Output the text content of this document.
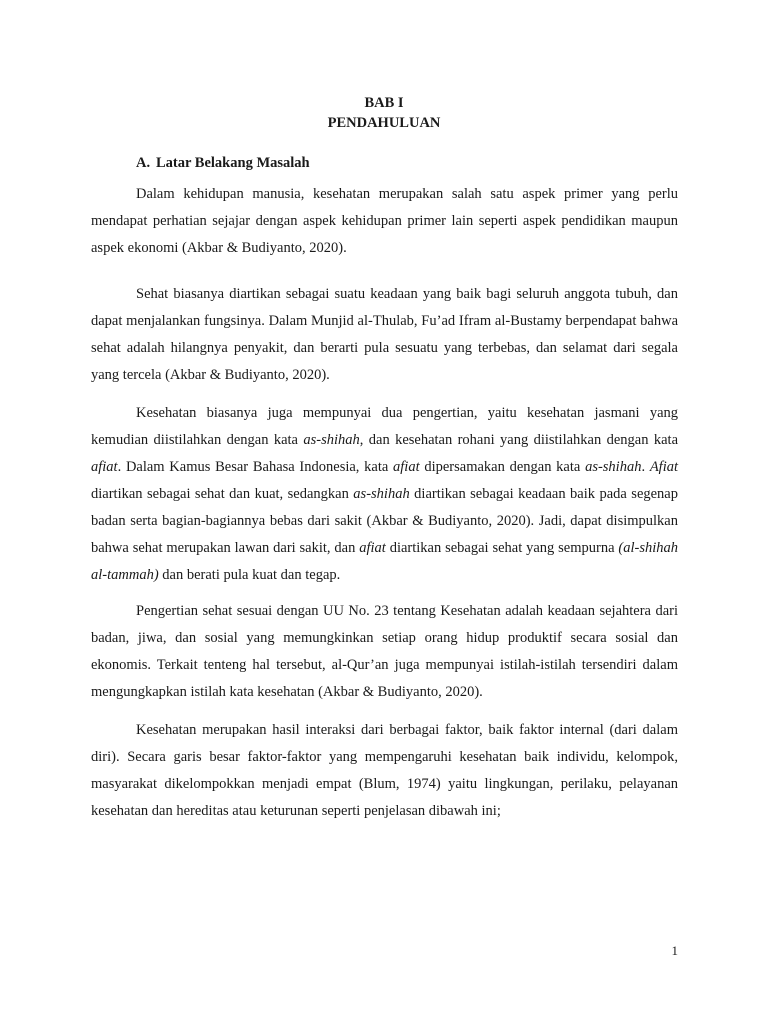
BAB I
PENDAHULUAN
A. Latar Belakang Masalah

Dalam kehidupan manusia, kesehatan merupakan salah satu aspek primer yang perlu mendapat perhatian sejajar dengan aspek kehidupan primer lain seperti aspek pendidikan maupun aspek ekonomi (Akbar & Budiyanto, 2020).

Sehat biasanya diartikan sebagai suatu keadaan yang baik bagi seluruh anggota tubuh, dan dapat menjalankan fungsinya. Dalam Munjid al-Thulab, Fu’ad Ifram al-Bustamy berpendapat bahwa sehat adalah hilangnya penyakit, dan berarti pula sesuatu yang terbebas, dan selamat dari segala yang tercela (Akbar & Budiyanto, 2020).

Kesehatan biasanya juga mempunyai dua pengertian, yaitu kesehatan jasmani yang kemudian diistilahkan dengan kata as-shihah, dan kesehatan rohani yang diistilahkan dengan kata afiat. Dalam Kamus Besar Bahasa Indonesia, kata afiat dipersamakan dengan kata as-shihah. Afiat diartikan sebagai sehat dan kuat, sedangkan as-shihah diartikan sebagai keadaan baik pada segenap badan serta bagian-bagiannya bebas dari sakit (Akbar & Budiyanto, 2020). Jadi, dapat disimpulkan bahwa sehat merupakan lawan dari sakit, dan afiat diartikan sebagai sehat yang sempurna (al-shihah al-tammah) dan berati pula kuat dan tegap.

Pengertian sehat sesuai dengan UU No. 23 tentang Kesehatan adalah keadaan sejahtera dari badan, jiwa, dan sosial yang memungkinkan setiap orang hidup produktif secara sosial dan ekonomis. Terkait tenteng hal tersebut, al-Qur’an juga mempunyai istilah-istilah tersendiri dalam mengungkapkan istilah kata kesehatan (Akbar & Budiyanto, 2020).

Kesehatan merupakan hasil interaksi dari berbagai faktor, baik faktor internal (dari dalam diri). Secara garis besar faktor-faktor yang mempengaruhi kesehatan baik individu, kelompok, masyarakat dikelompokkan menjadi empat (Blum, 1974) yaitu lingkungan, perilaku, pelayanan kesehatan dan hereditas atau keturunan seperti penjelasan dibawah ini;

1
